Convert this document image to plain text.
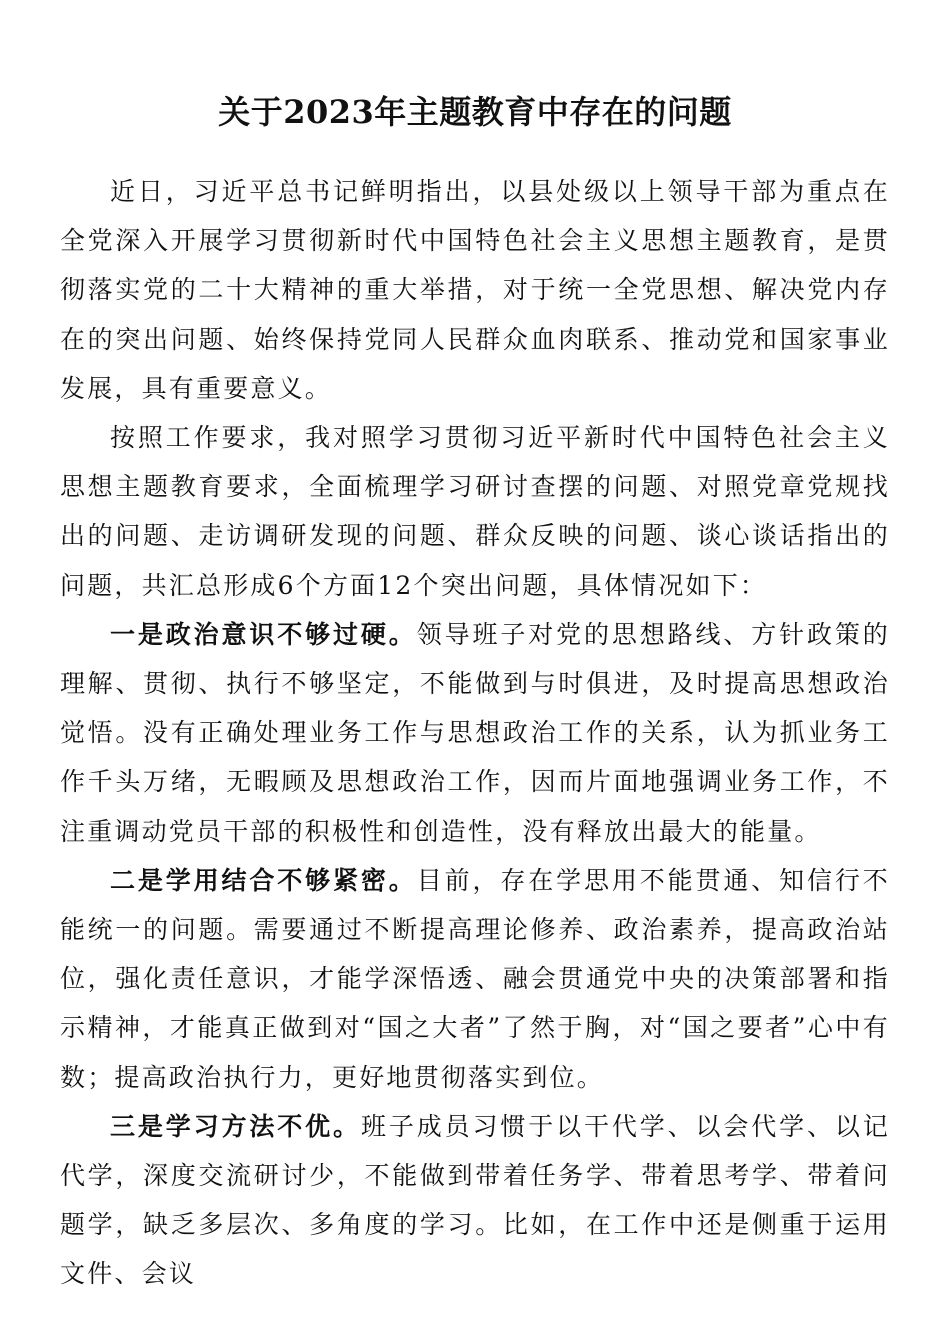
关于2023年主题教育中存在的问题

近日，习近平总书记鲜明指出，以县处级以上领导干部为重点在全党深入开展学习贯彻新时代中国特色社会主义思想主题教育，是贯彻落实党的二十大精神的重大举措，对于统一全党思想、解决党内存在的突出问题、始终保持党同人民群众血肉联系、推动党和国家事业发展，具有重要意义。

按照工作要求，我对照学习贯彻习近平新时代中国特色社会主义思想主题教育要求，全面梳理学习研讨查摆的问题、对照党章党规找出的问题、走访调研发现的问题、群众反映的问题、谈心谈话指出的问题，共汇总形成6个方面12个突出问题，具体情况如下：

一是政治意识不够过硬。领导班子对党的思想路线、方针政策的理解、贯彻、执行不够坚定，不能做到与时俱进，及时提高思想政治觉悟。没有正确处理业务工作与思想政治工作的关系，认为抓业务工作千头万绪，无暇顾及思想政治工作，因而片面地强调业务工作，不注重调动党员干部的积极性和创造性，没有释放出最大的能量。

二是学用结合不够紧密。目前，存在学思用不能贯通、知信行不能统一的问题。需要通过不断提高理论修养、政治素养，提高政治站位，强化责任意识，才能学深悟透、融会贯通党中央的决策部署和指示精神，才能真正做到对“国之大者”了然于胸，对“国之要者”心中有数；提高政治执行力，更好地贯彻落实到位。

三是学习方法不优。班子成员习惯于以干代学、以会代学、以记代学，深度交流研讨少，不能做到带着任务学、带着思考学、带着问题学，缺乏多层次、多角度的学习。比如，在工作中还是侧重于运用文件、会议
